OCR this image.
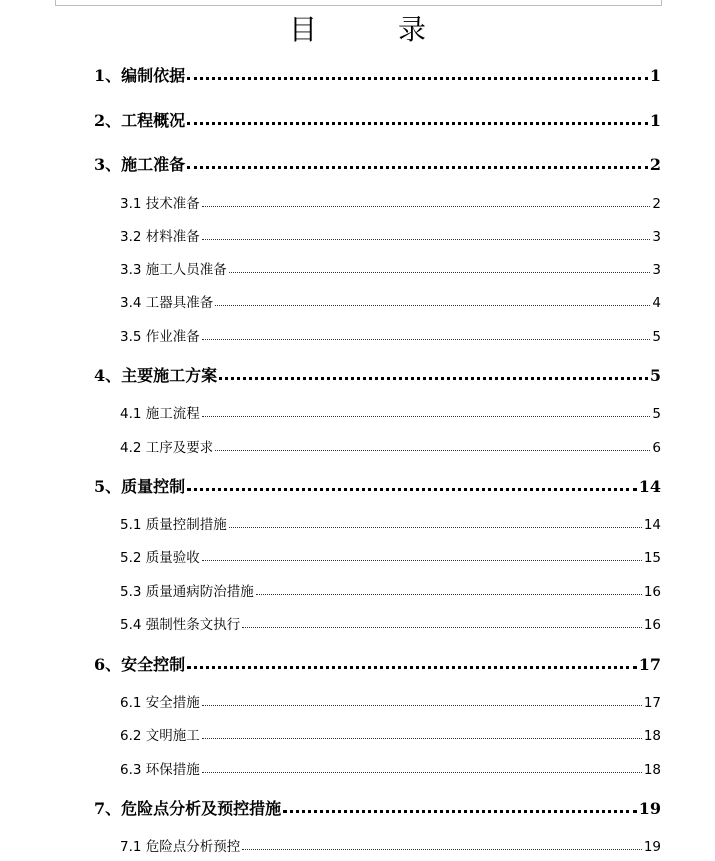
目 录
1、编制依据	1
2、工程概况	1
3、施工准备	2
3.1 技术准备	2
3.2 材料准备	3
3.3 施工人员准备	3
3.4 工器具准备	4
3.5 作业准备	5
4、主要施工方案	5
4.1 施工流程	5
4.2 工序及要求	6
5、质量控制	14
5.1 质量控制措施	14
5.2 质量验收	15
5.3 质量通病防治措施	16
5.4 强制性条文执行	16
6、安全控制	17
6.1 安全措施	17
6.2 文明施工	18
6.3 环保措施	18
7、危险点分析及预控措施	19
7.1 危险点分析预控	19
